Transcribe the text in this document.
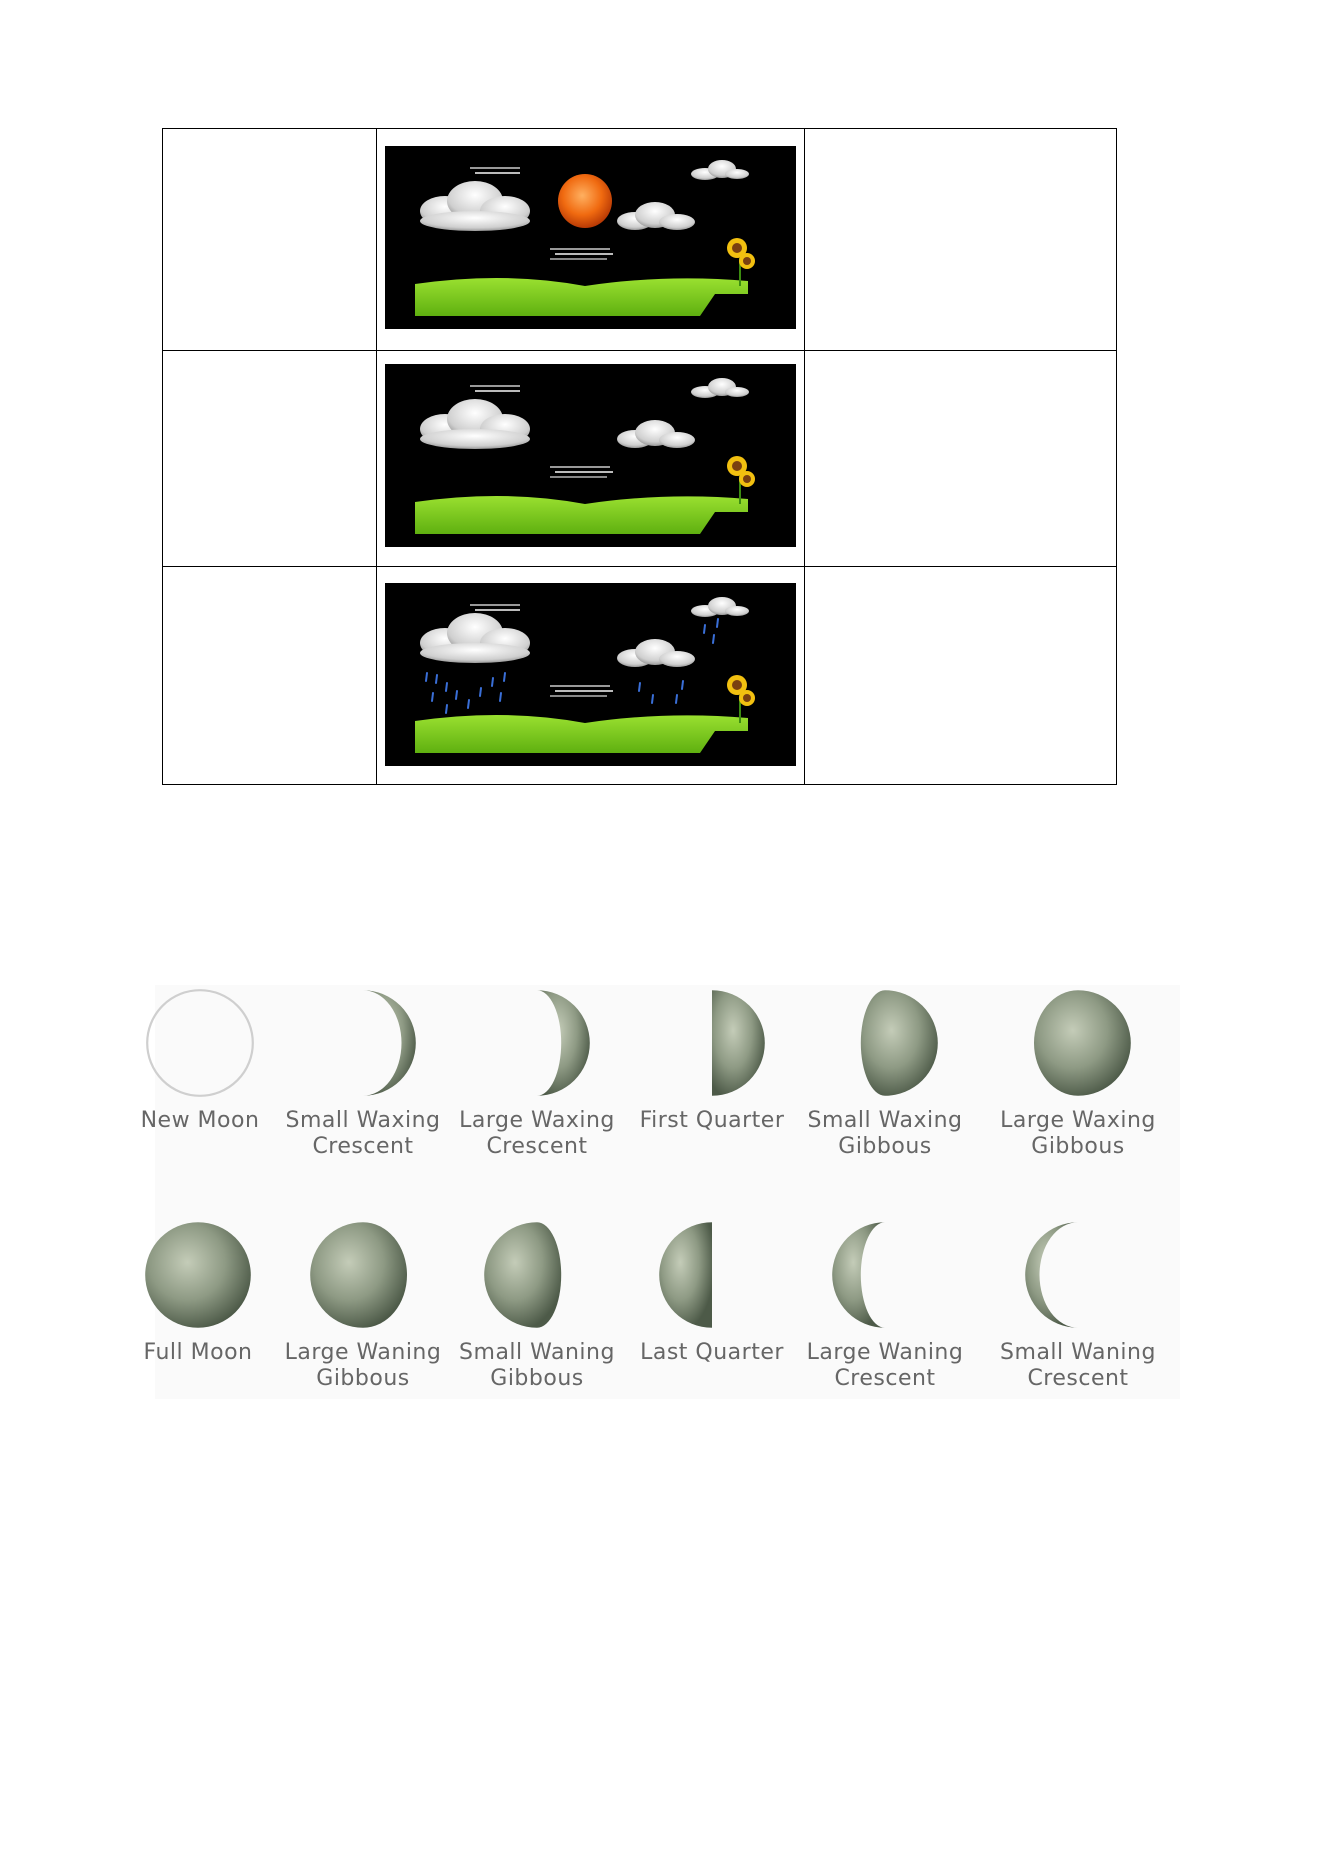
New Moon	Small Waxing
Crescent
Large Waxing
Crescent
First Quarter	Small Waxing
Gibbous
Large Waxing
Gibbous
Full Moon	Large Waning
Gibbous
Small Waning
Gibbous
Last Quarter	Large Waning
Crescent
Small Waning
Crescent
